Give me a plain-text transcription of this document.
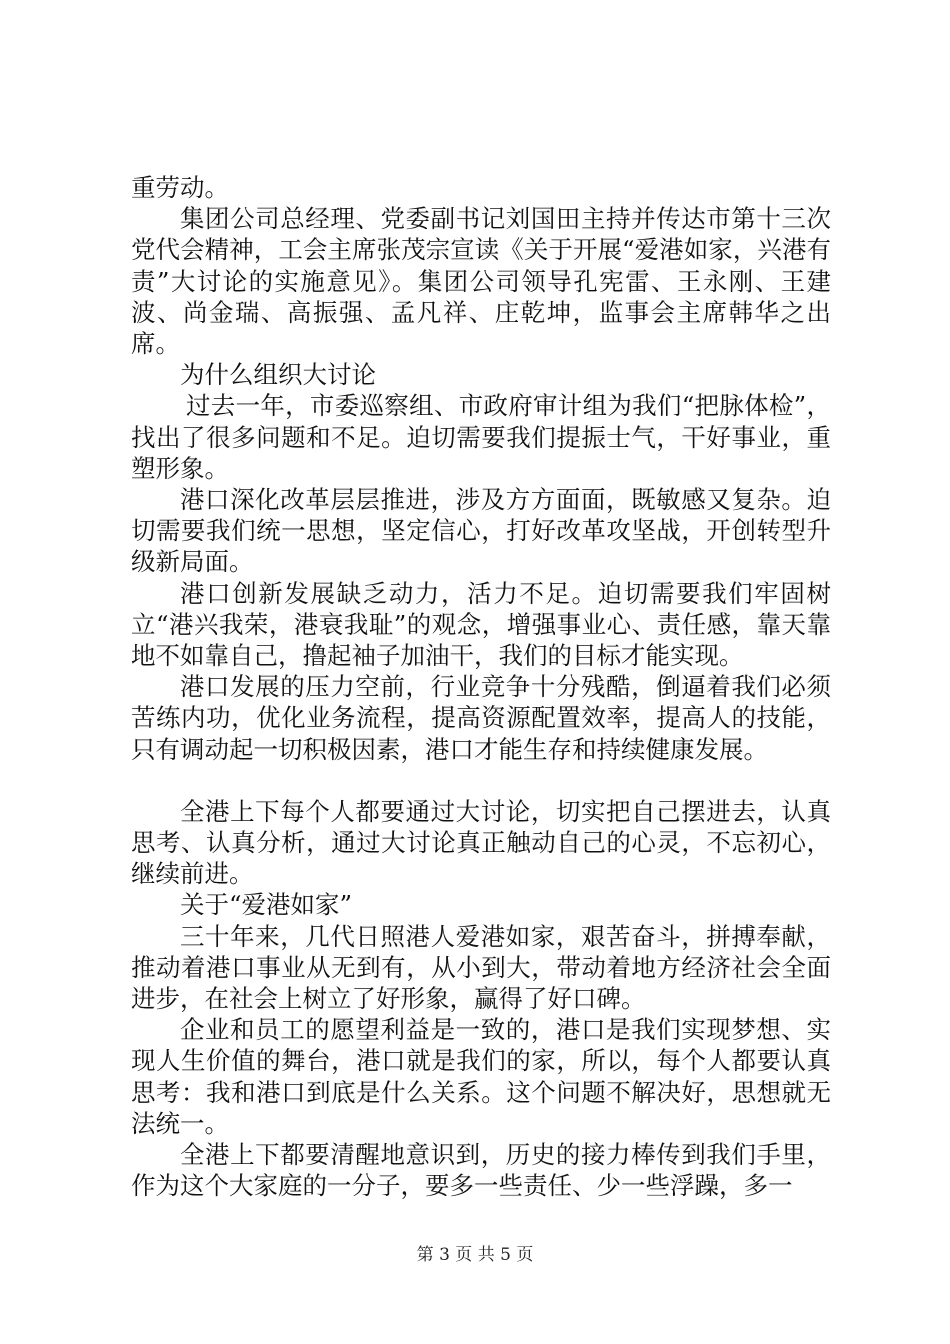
重劳动。

集团公司总经理、党委副书记刘国田主持并传达市第十三次党代会精神，工会主席张茂宗宣读《关于开展“爱港如家，兴港有责”大讨论的实施意见》。集团公司领导孔宪雷、王永刚、王建波、尚金瑞、高振强、孟凡祥、庄乾坤，监事会主席韩华之出席。

为什么组织大讨论

过去一年，市委巡察组、市政府审计组为我们“把脉体检”，找出了很多问题和不足。迫切需要我们提振士气，干好事业，重塑形象。

港口深化改革层层推进，涉及方方面面，既敏感又复杂。迫切需要我们统一思想，坚定信心，打好改革攻坚战，开创转型升级新局面。

港口创新发展缺乏动力，活力不足。迫切需要我们牢固树立“港兴我荣，港衰我耻”的观念，增强事业心、责任感，靠天靠地不如靠自己，撸起袖子加油干，我们的目标才能实现。

港口发展的压力空前，行业竞争十分残酷，倒逼着我们必须苦练内功，优化业务流程，提高资源配置效率，提高人的技能，只有调动起一切积极因素，港口才能生存和持续健康发展。

全港上下每个人都要通过大讨论，切实把自己摆进去，认真思考、认真分析，通过大讨论真正触动自己的心灵，不忘初心，继续前进。

关于“爱港如家”

三十年来，几代日照港人爱港如家，艰苦奋斗，拼搏奉献，推动着港口事业从无到有，从小到大，带动着地方经济社会全面进步，在社会上树立了好形象，赢得了好口碑。

企业和员工的愿望利益是一致的，港口是我们实现梦想、实现人生价值的舞台，港口就是我们的家，所以，每个人都要认真思考：我和港口到底是什么关系。这个问题不解决好，思想就无法统一。

全港上下都要清醒地意识到，历史的接力棒传到我们手里，作为这个大家庭的一分子，要多一些责任、少一些浮躁，多一

第 3 页 共 5 页
